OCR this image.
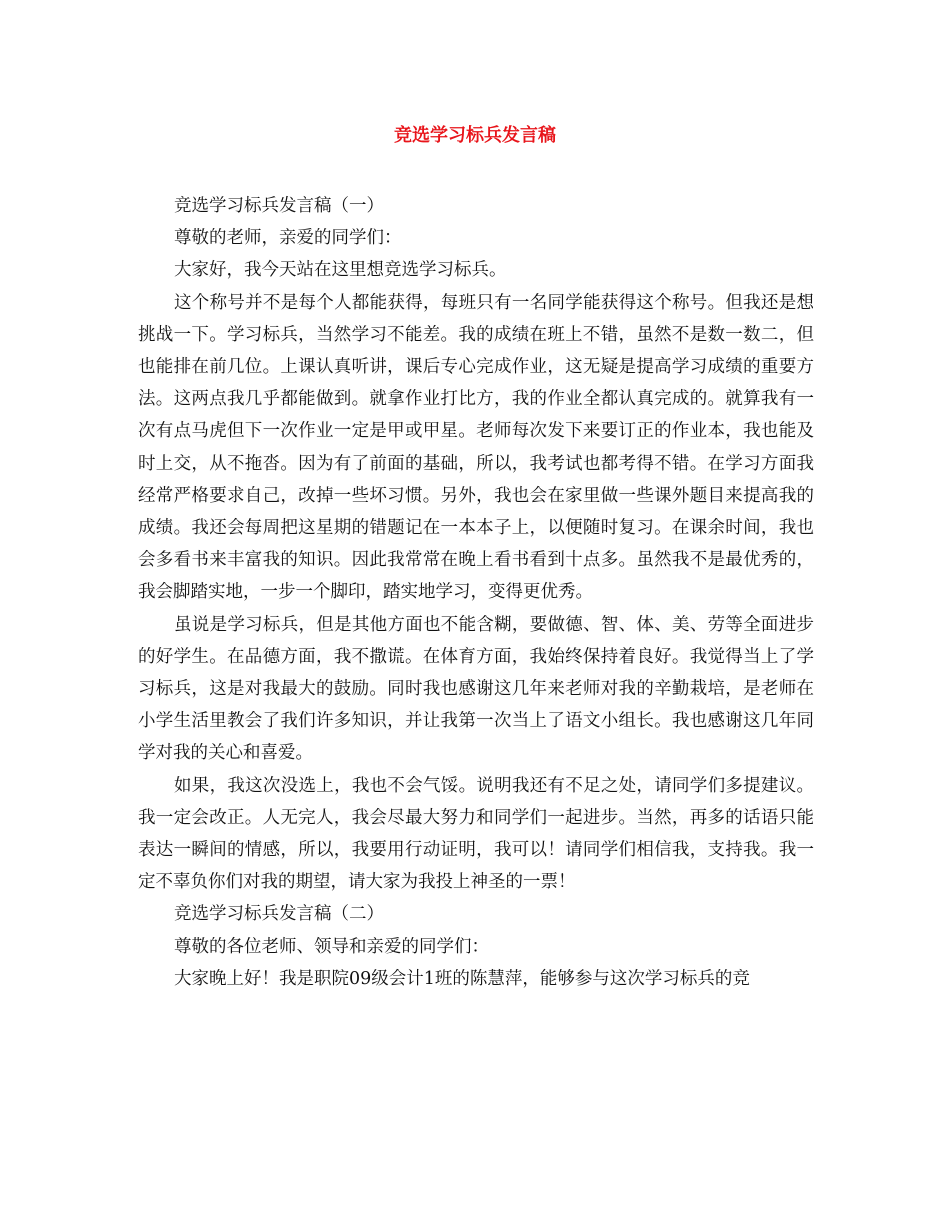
竞选学习标兵发言稿

竞选学习标兵发言稿（一）

尊敬的老师，亲爱的同学们：

大家好，我今天站在这里想竞选学习标兵。

这个称号并不是每个人都能获得，每班只有一名同学能获得这个称号。但我还是想挑战一下。学习标兵，当然学习不能差。我的成绩在班上不错，虽然不是数一数二，但也能排在前几位。上课认真听讲，课后专心完成作业，这无疑是提高学习成绩的重要方法。这两点我几乎都能做到。就拿作业打比方，我的作业全都认真完成的。就算我有一次有点马虎但下一次作业一定是甲或甲星。老师每次发下来要订正的作业本，我也能及时上交，从不拖沓。因为有了前面的基础，所以，我考试也都考得不错。在学习方面我经常严格要求自己，改掉一些坏习惯。另外，我也会在家里做一些课外题目来提高我的成绩。我还会每周把这星期的错题记在一本本子上，以便随时复习。在课余时间，我也会多看书来丰富我的知识。因此我常常在晚上看书看到十点多。虽然我不是最优秀的，我会脚踏实地，一步一个脚印，踏实地学习，变得更优秀。

虽说是学习标兵，但是其他方面也不能含糊，要做德、智、体、美、劳等全面进步的好学生。在品德方面，我不撒谎。在体育方面，我始终保持着良好。我觉得当上了学习标兵，这是对我最大的鼓励。同时我也感谢这几年来老师对我的辛勤栽培，是老师在小学生活里教会了我们许多知识，并让我第一次当上了语文小组长。我也感谢这几年同学对我的关心和喜爱。

如果，我这次没选上，我也不会气馁。说明我还有不足之处，请同学们多提建议。我一定会改正。人无完人，我会尽最大努力和同学们一起进步。当然，再多的话语只能表达一瞬间的情感，所以，我要用行动证明，我可以！请同学们相信我，支持我。我一定不辜负你们对我的期望，请大家为我投上神圣的一票！

竞选学习标兵发言稿（二）

尊敬的各位老师、领导和亲爱的同学们：

大家晚上好！我是职院09级会计1班的陈慧萍，能够参与这次学习标兵的竞
